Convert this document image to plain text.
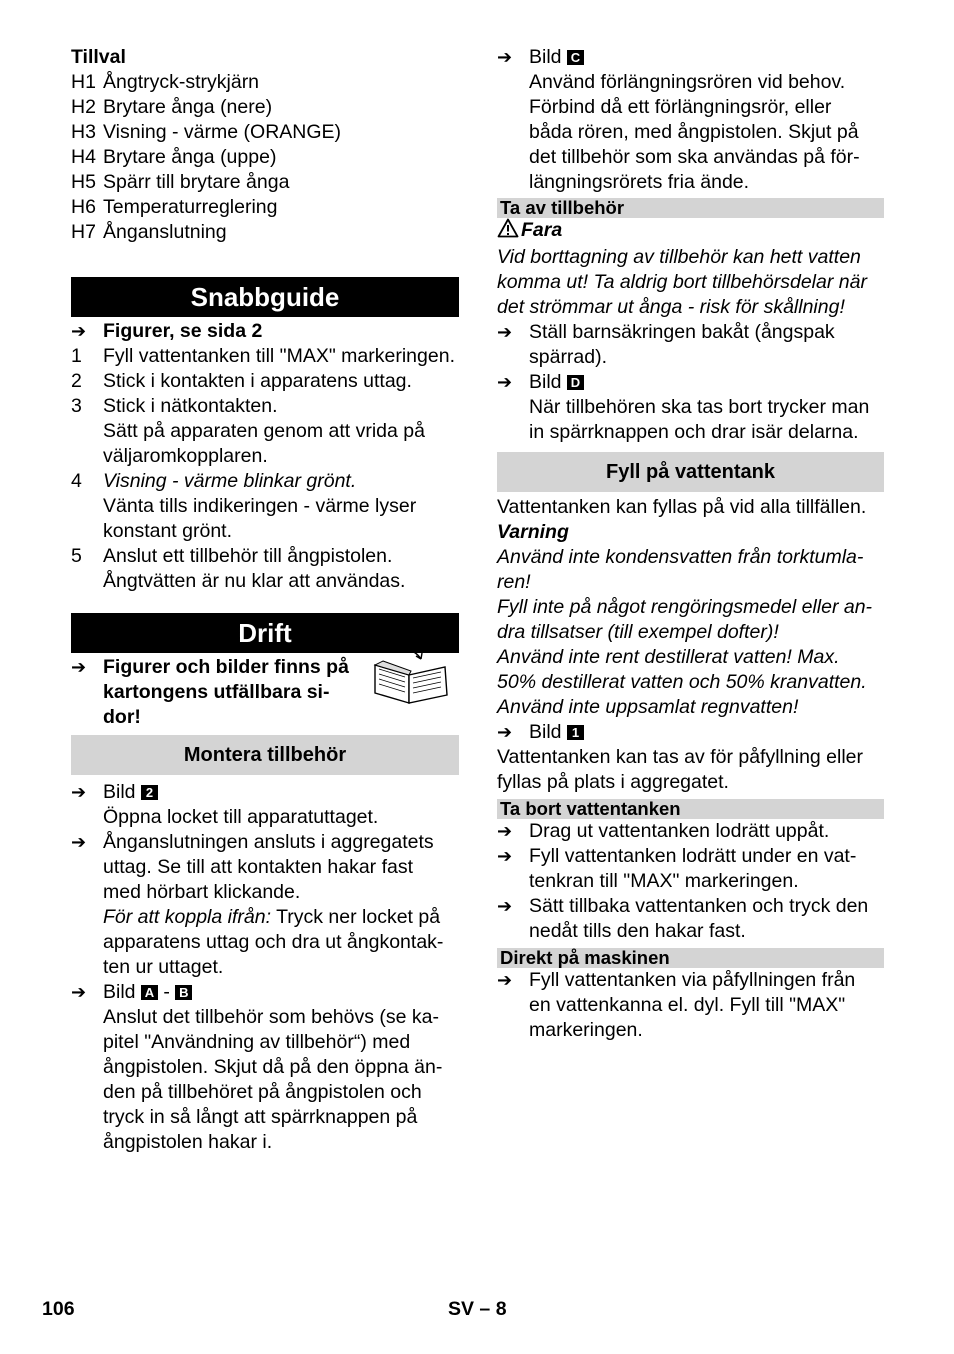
Tillval
H1 Ångtryck-strykjärn
H2 Brytare ånga (nere)
H3 Visning - värme (ORANGE)
H4 Brytare ånga (uppe)
H5 Spärr till brytare ånga
H6 Temperaturreglering
H7 Ånganslutning
Snabbguide
➔ Figurer, se sida 2
1	Fyll vattentanken till "MAX" markeringen.
2	Stick i kontakten i apparatens uttag.
3	Stick i nätkontakten.
Sätt på apparaten genom att vrida på
väljaromkopplaren.
4	Visning - värme blinkar grönt.
Vänta tills indikeringen - värme lyser
konstant grönt.
5	Anslut ett tillbehör till ångpistolen.
Ångtvätten är nu klar att användas.
Drift
➔ Figurer och bilder finns på
kartongens utfällbara si-
dor!
Montera tillbehör
➔ Bild 2
Öppna locket till apparatuttaget.
➔ Ånganslutningen ansluts i aggregatets
uttag. Se till att kontakten hakar fast
med hörbart klickande.
För att koppla ifrån: Tryck ner locket på
apparatens uttag och dra ut ångkontak-
ten ur uttaget.
➔ Bild A - B
Anslut det tillbehör som behövs (se ka-
pitel "Användning av tillbehör“) med
ångpistolen. Skjut då på den öppna än-
den på tillbehöret på ångpistolen och
tryck in så långt att spärrknappen på
ångpistolen hakar i.
➔ Bild C
Använd förlängningsrören vid behov.
Förbind då ett förlängningsrör, eller
båda rören, med ångpistolen. Skjut på
det tillbehör som ska användas på för-
längningsrörets fria ände.
Ta av tillbehör
Fara
Vid borttagning av tillbehör kan hett vatten
komma ut! Ta aldrig bort tillbehörsdelar när
det strömmar ut ånga - risk för skållning!
➔ Ställ barnsäkringen bakåt (ångspak
spärrad).
➔ Bild D
När tillbehören ska tas bort trycker man
in spärrknappen och drar isär delarna.
Fyll på vattentank
Vattentanken kan fyllas på vid alla tillfällen.
Varning
Använd inte kondensvatten från torktumla-
ren!
Fyll inte på något rengöringsmedel eller an-
dra tillsatser (till exempel dofter)!
Använd inte rent destillerat vatten! Max.
50% destillerat vatten och 50% kranvatten.
Använd inte uppsamlat regnvatten!
➔ Bild 1
Vattentanken kan tas av för påfyllning eller
fyllas på plats i aggregatet.
Ta bort vattentanken
➔ Drag ut vattentanken lodrätt uppåt.
➔ Fyll vattentanken lodrätt under en vat-
tenkran till "MAX" markeringen.
➔ Sätt tillbaka vattentanken och tryck den
nedåt tills den hakar fast.
Direkt på maskinen
➔ Fyll vattentanken via påfyllningen från
en vattenkanna el. dyl. Fyll till "MAX"
markeringen.
106	SV – 8
